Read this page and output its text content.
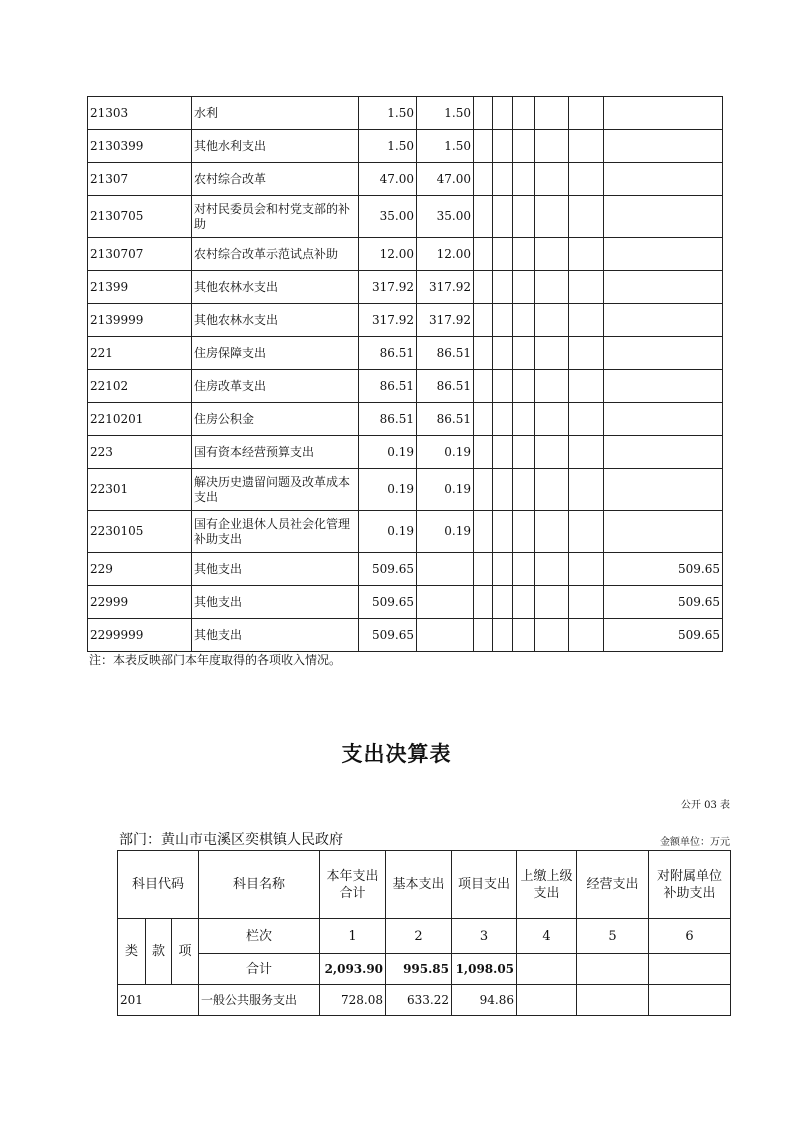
21303	水利	1.50	1.50						
2130399	其他水利支出	1.50	1.50						
21307	农村综合改革	47.00	47.00						
2130705	对村民委员会和村党支部的补助	35.00	35.00						
2130707	农村综合改革示范试点补助	12.00	12.00						
21399	其他农林水支出	317.92	317.92						
2139999	其他农林水支出	317.92	317.92						
221	住房保障支出	86.51	86.51						
22102	住房改革支出	86.51	86.51						
2210201	住房公积金	86.51	86.51						
223	国有资本经营预算支出	0.19	0.19						
22301	解决历史遗留问题及改革成本支出	0.19	0.19						
2230105	国有企业退休人员社会化管理补助支出	0.19	0.19						
229	其他支出	509.65							509.65
22999	其他支出	509.65							509.65
2299999	其他支出	509.65							509.65
注：本表反映部门本年度取得的各项收入情况。
支出决算表
公开 03 表
部门：黄山市屯溪区奕棋镇人民政府	金额单位：万元
科目代码			科目名称	本年支出合计	基本支出	项目支出	上缴上级支出	经营支出	对附属单位补助支出
类	款	项	栏次	1	2	3	4	5	6
			合计	2,093.90	995.85	1,098.05			
201			一般公共服务支出	728.08	633.22	94.86			
